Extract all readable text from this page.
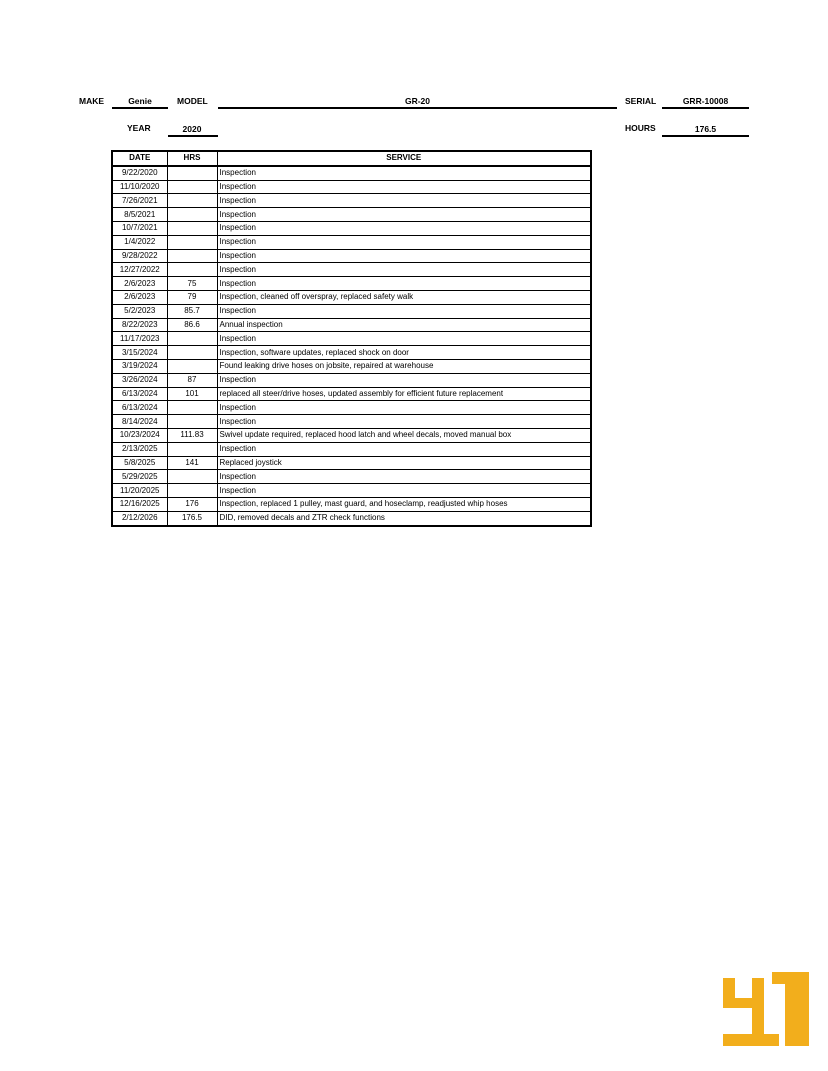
MAKE	Genie	MODEL	GR-20	SERIAL	GRR-10008
YEAR	2020	HOURS	176.5
DATE	HRS	SERVICE
9/22/2020		Inspection
11/10/2020		Inspection
7/26/2021		Inspection
8/5/2021		Inspection
10/7/2021		Inspection
1/4/2022		Inspection
9/28/2022		Inspection
12/27/2022		Inspection
2/6/2023	75	Inspection
2/6/2023	79	Inspection, cleaned off overspray, replaced safety walk
5/2/2023	85.7	Inspection
8/22/2023	86.6	Annual inspection
11/17/2023		Inspection
3/15/2024		Inspection, software updates, replaced shock on door
3/19/2024		Found leaking drive hoses on jobsite, repaired at warehouse
3/26/2024	87	Inspection
6/13/2024	101	replaced all steer/drive hoses, updated assembly for efficient future replacement
6/13/2024		Inspection
8/14/2024		Inspection
10/23/2024	111.83	Swivel update required, replaced hood latch and wheel decals, moved manual box
2/13/2025		Inspection
5/8/2025	141	Replaced joystick
5/29/2025		Inspection
11/20/2025		Inspection
12/16/2025	176	Inspection, replaced 1 pulley, mast guard, and hoseclamp, readjusted whip hoses
2/12/2026	176.5	DID, removed decals and ZTR check functions
